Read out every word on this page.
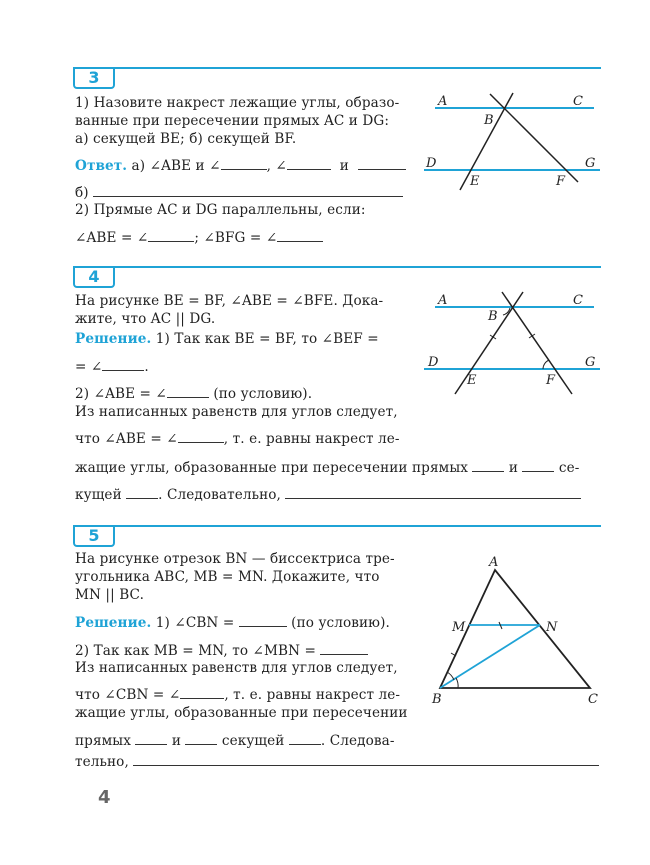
3
1) Назовите накрест лежащие углы, образо-
ванные при пересечении прямых AC и DG:
а) секущей BE; б) секущей BF.
Ответ. а) ∠ABE и ∠	, ∠	и
б)
2) Прямые AC и DG параллельны, если:
∠ABE = ∠	; ∠BFG = ∠
A	C
B
D	G
E	F
4
На рисунке BE = BF, ∠ABE = ∠BFE. Дока-
жите, что AC || DG.
Решение. 1) Так как BE = BF, то ∠BEF =
= ∠	.
2) ∠ABE = ∠	(по условию).
Из написанных равенств для углов следует,
что ∠ABE = ∠	, т. е. равны накрест ле-
жащие углы, образованные при пересечении прямых	и	се-
кущей	. Следовательно,
A	C
B
D	G
E	F
5
На рисунке отрезок BN — биссектриса тре-
угольника ABC, MB = MN. Докажите, что
MN || BC.
Решение. 1) ∠CBN =	(по условию).
2) Так как MB = MN, то ∠MBN =
Из написанных равенств для углов следует,
что ∠CBN = ∠	, т. е. равны накрест ле-
жащие углы, образованные при пересечении
прямых	и	секущей	. Следова-
тельно,
A
M	N
B	C
4
